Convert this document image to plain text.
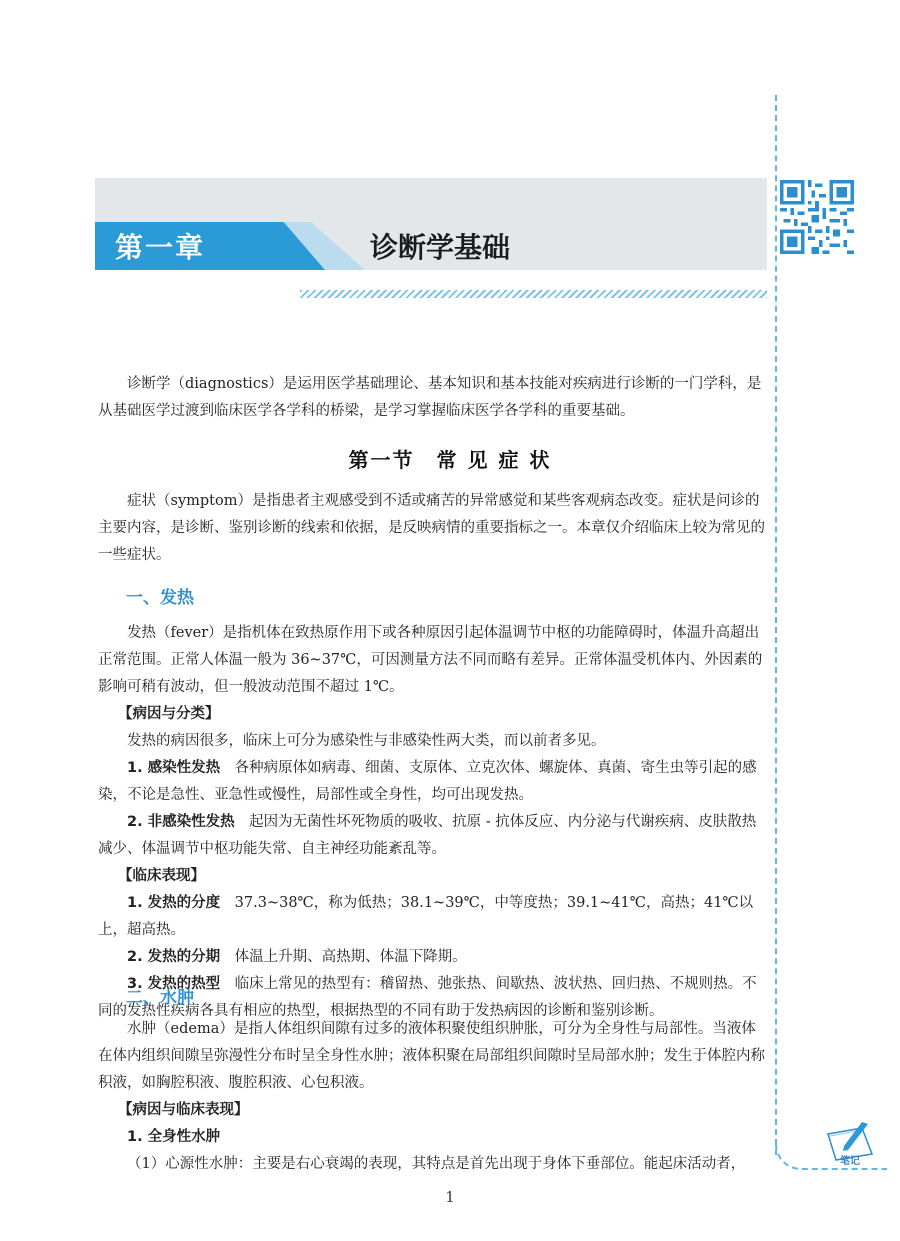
第一章	诊断学基础

诊断学（diagnostics）是运用医学基础理论、基本知识和基本技能对疾病进行诊断的一门学科，是从基础医学过渡到临床医学各学科的桥梁，是学习掌握临床医学各学科的重要基础。

第一节　常 见 症 状

症状（symptom）是指患者主观感受到不适或痛苦的异常感觉和某些客观病态改变。症状是问诊的主要内容，是诊断、鉴别诊断的线索和依据，是反映病情的重要指标之一。本章仅介绍临床上较为常见的一些症状。

一、发热

发热（fever）是指机体在致热原作用下或各种原因引起体温调节中枢的功能障碍时，体温升高超出正常范围。正常人体温一般为 36~37℃，可因测量方法不同而略有差异。正常体温受机体内、外因素的影响可稍有波动，但一般波动范围不超过 1℃。

【病因与分类】

发热的病因很多，临床上可分为感染性与非感染性两大类，而以前者多见。

1. 感染性发热　各种病原体如病毒、细菌、支原体、立克次体、螺旋体、真菌、寄生虫等引起的感染，不论是急性、亚急性或慢性，局部性或全身性，均可出现发热。

2. 非感染性发热　起因为无菌性坏死物质的吸收、抗原 - 抗体反应、内分泌与代谢疾病、皮肤散热减少、体温调节中枢功能失常、自主神经功能紊乱等。

【临床表现】

1. 发热的分度　37.3~38℃，称为低热；38.1~39℃，中等度热；39.1~41℃，高热；41℃以上，超高热。

2. 发热的分期　体温上升期、高热期、体温下降期。

3. 发热的热型　临床上常见的热型有：稽留热、弛张热、间歇热、波状热、回归热、不规则热。不同的发热性疾病各具有相应的热型，根据热型的不同有助于发热病因的诊断和鉴别诊断。

二、水肿

水肿（edema）是指人体组织间隙有过多的液体积聚使组织肿胀，可分为全身性与局部性。当液体在体内组织间隙呈弥漫性分布时呈全身性水肿；液体积聚在局部组织间隙时呈局部水肿；发生于体腔内称积液，如胸腔积液、腹腔积液、心包积液。

【病因与临床表现】

1. 全身性水肿

（1）心源性水肿：主要是右心衰竭的表现，其特点是首先出现于身体下垂部位。能起床活动者，	笔记
1
